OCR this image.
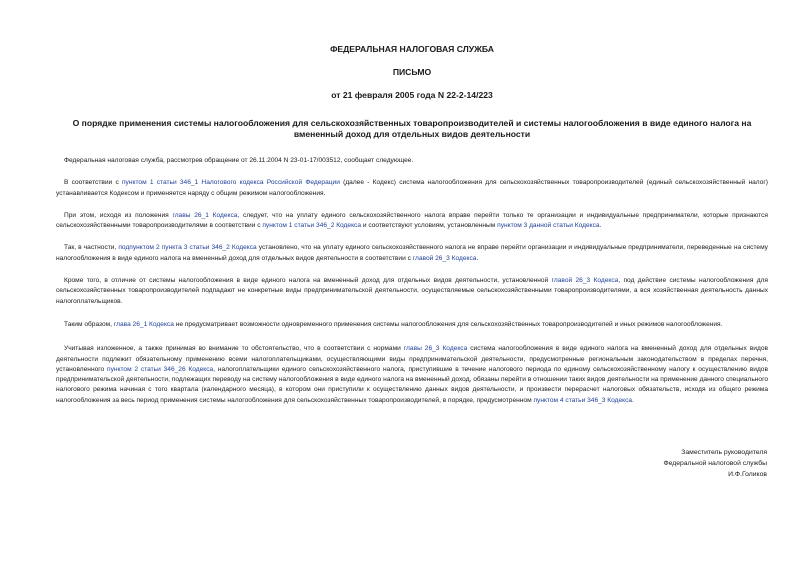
ФЕДЕРАЛЬНАЯ НАЛОГОВАЯ СЛУЖБА
ПИСЬМО
от 21 февраля 2005 года N 22-2-14/223
О порядке применения системы налогообложения для сельскохозяйственных товаропроизводителей и системы налогообложения в виде единого налога на вмененный доход для отдельных видов деятельности

Федеральная налоговая служба, рассмотрев обращение от 26.11.2004 N 23-01-17/003512, сообщает следующее.

В соответствии с пунктом 1 статьи 346_1 Налогового кодекса Российской Федерации (далее - Кодекс) система налогообложения для сельскохозяйственных товаропроизводителей (единый сельскохозяйственный налог) устанавливается Кодексом и применяется наряду с общим режимом налогообложения.

При этом, исходя из положения главы 26_1 Кодекса, следует, что на уплату единого сельскохозяйственного налога вправе перейти только те организации и индивидуальные предприниматели, которые признаются сельскохозяйственными товаропроизводителями в соответствии с пунктом 1 статьи 346_2 Кодекса и соответствуют условиям, установленным пунктом 3 данной статьи Кодекса.

Так, в частности, подпунктом 2 пункта 3 статьи 346_2 Кодекса установлено, что на уплату единого сельскохозяйственного налога не вправе перейти организации и индивидуальные предприниматели, переведенные на систему налогообложения в виде единого налога на вмененный доход для отдельных видов деятельности в соответствии с главой 26_3 Кодекса.

Кроме того, в отличие от системы налогообложения в виде единого налога на вмененный доход для отдельных видов деятельности, установленной главой 26_3 Кодекса, под действие системы налогообложения для сельскохозяйственных товаропроизводителей подпадают не конкретные виды предпринимательской деятельности, осуществляемые сельскохозяйственными товаропроизводителями, а вся хозяйственная деятельность данных налогоплательщиков.

Таким образом, глава 26_1 Кодекса не предусматривает возможности одновременного применения системы налогообложения для сельскохозяйственных товаропроизводителей и иных режимов налогообложения.

Учитывая изложенное, а также принимая во внимание то обстоятельство, что в соответствии с нормами главы 26_3 Кодекса система налогообложения в виде единого налога на вмененный доход для отдельных видов деятельности подлежит обязательному применению всеми налогоплательщиками, осуществляющими виды предпринимательской деятельности, предусмотренные региональным законодательством в пределах перечня, установленного пунктом 2 статьи 346_26 Кодекса, налогоплательщики единого сельскохозяйственного налога, приступившие в течение налогового периода по единому сельскохозяйственному налогу к осуществлению видов предпринимательской деятельности, подлежащих переводу на систему налогообложения в виде единого налога на вмененный доход, обязаны перейти в отношении таких видов деятельности на применение данного специального налогового режима начиная с того квартала (календарного месяца), в котором они приступили к осуществлению данных видов деятельности, и произвести перерасчет налоговых обязательств, исходя из общего режима налогообложения за весь период применения системы налогообложения для сельскохозяйственных товаропроизводителей, в порядке, предусмотренном пунктом 4 статьи 346_3 Кодекса.

Заместитель руководителя
Федеральной налоговой службы
И.Ф.Голиков
